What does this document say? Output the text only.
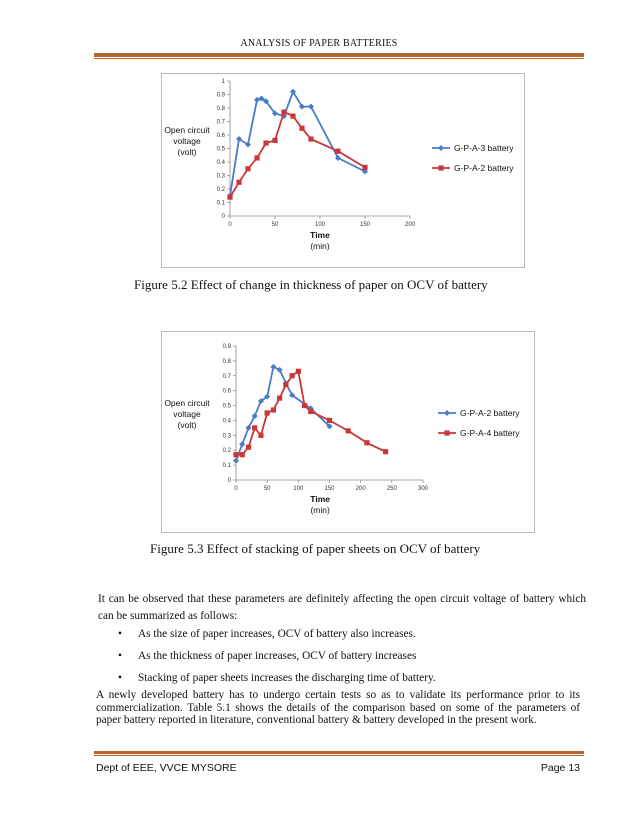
ANALYSIS OF PAPER BATTERIES
0
0.1
0.2
0.3
0.4
0.5
0.6
0.7
0.8
0.9
1
0	50	100	150	200
Open circuit
voltage
(volt)
Time
(min)
G-P-A-3 battery
G-P-A-2 battery
Figure 5.2 Effect of change in thickness of paper on OCV of battery
0
0.1
0.2
0.3
0.4
0.5
0.6
0.7
0.8
0.9
0	50	100	150	200	250	300
Open circuit
voltage
(volt)
Time
(min)
G-P-A-2 battery
G-P-A-4 battery
Figure 5.3 Effect of stacking of paper sheets on OCV of battery
It can be observed that these parameters are definitely affecting the open circuit voltage of battery which can be summarized as follows:
• As the size of paper increases, OCV of battery also increases.
• As the thickness of paper increases, OCV of battery increases
• Stacking of paper sheets increases the discharging time of battery.
A newly developed battery has to undergo certain tests so as to validate its performance prior to its commercialization. Table 5.1 shows the details of the comparison based on some of the parameters of paper battery reported in literature, conventional battery & battery developed in the present work.
Dept of EEE, VVCE MYSORE	Page 13
